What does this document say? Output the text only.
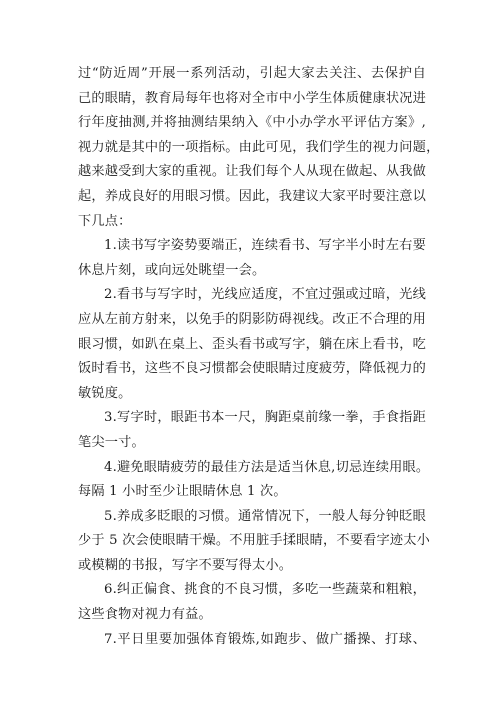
过“防近周”开展一系列活动，引起大家去关注、去保护自
己的眼睛，教育局每年也将对全市中小学生体质健康状况进
行年度抽测,并将抽测结果纳入《中小办学水平评估方案》,
视力就是其中的一项指标。由此可见，我们学生的视力问题，
越来越受到大家的重视。让我们每个人从现在做起、从我做
起，养成良好的用眼习惯。因此，我建议大家平时要注意以
下几点：
1.读书写字姿势要端正，连续看书、写字半小时左右要
休息片刻，或向远处眺望一会。
2.看书与写字时，光线应适度，不宜过强或过暗，光线
应从左前方射来，以免手的阴影防碍视线。改正不合理的用
眼习惯，如趴在桌上、歪头看书或写字，躺在床上看书，吃
饭时看书，这些不良习惯都会使眼睛过度疲劳，降低视力的
敏锐度。
3.写字时，眼距书本一尺，胸距桌前缘一拳，手食指距
笔尖一寸。
4.避免眼睛疲劳的最佳方法是适当休息,切忌连续用眼。
每隔 1 小时至少让眼睛休息 1 次。
5.养成多眨眼的习惯。通常情况下，一般人每分钟眨眼
少于 5 次会使眼睛干燥。不用脏手揉眼睛，不要看字迹太小
或模糊的书报，写字不要写得太小。
6.纠正偏食、挑食的不良习惯，多吃一些蔬菜和粗粮，
这些食物对视力有益。
7.平日里要加强体育锻炼,如跑步、做广播操、打球、
